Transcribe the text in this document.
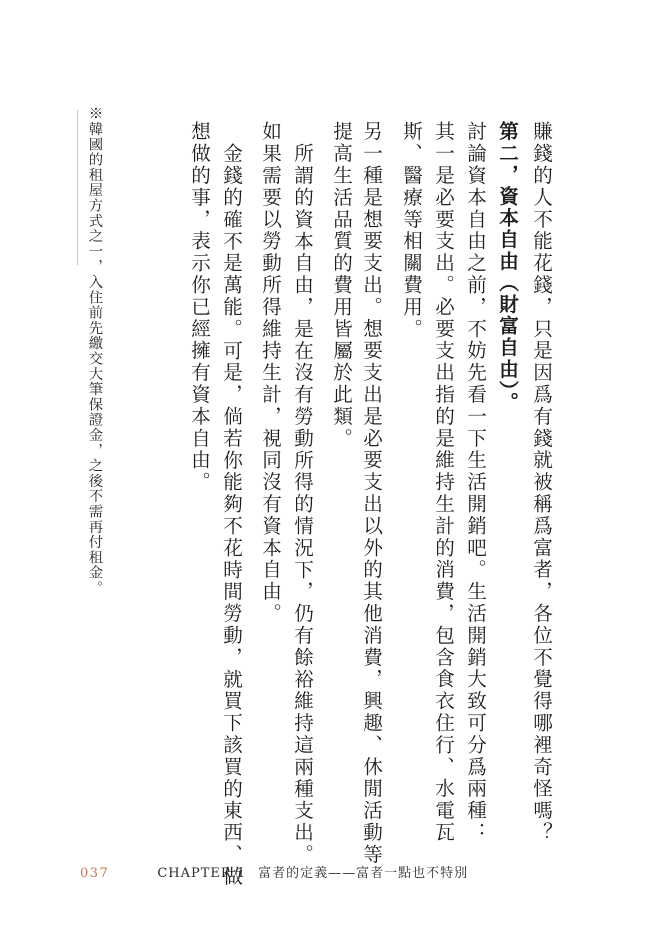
賺錢的人不能花錢，只是因爲有錢就被稱爲富者，各位不覺得哪裡奇怪嗎？
第二，資本自由（財富自由）。
討論資本自由之前，不妨先看一下生活開銷吧。生活開銷大致可分爲兩種：
其一是必要支出。必要支出指的是維持生計的消費，包含食衣住行、水電瓦
斯、醫療等相關費用。
另一種是想要支出。想要支出是必要支出以外的其他消費，興趣、休閒活動等
提高生活品質的費用皆屬於此類。
所謂的資本自由，是在沒有勞動所得的情況下，仍有餘裕維持這兩種支出。
如果需要以勞動所得維持生計，視同沒有資本自由。
金錢的確不是萬能。可是，倘若你能夠不花時間勞動，就買下該買的東西、做
想做的事，表示你已經擁有資本自由。
※韓國的租屋方式之一，入住前先繳交大筆保證金，之後不需再付租金。
037	CHAPTER 1 富者的定義——富者一點也不特別
